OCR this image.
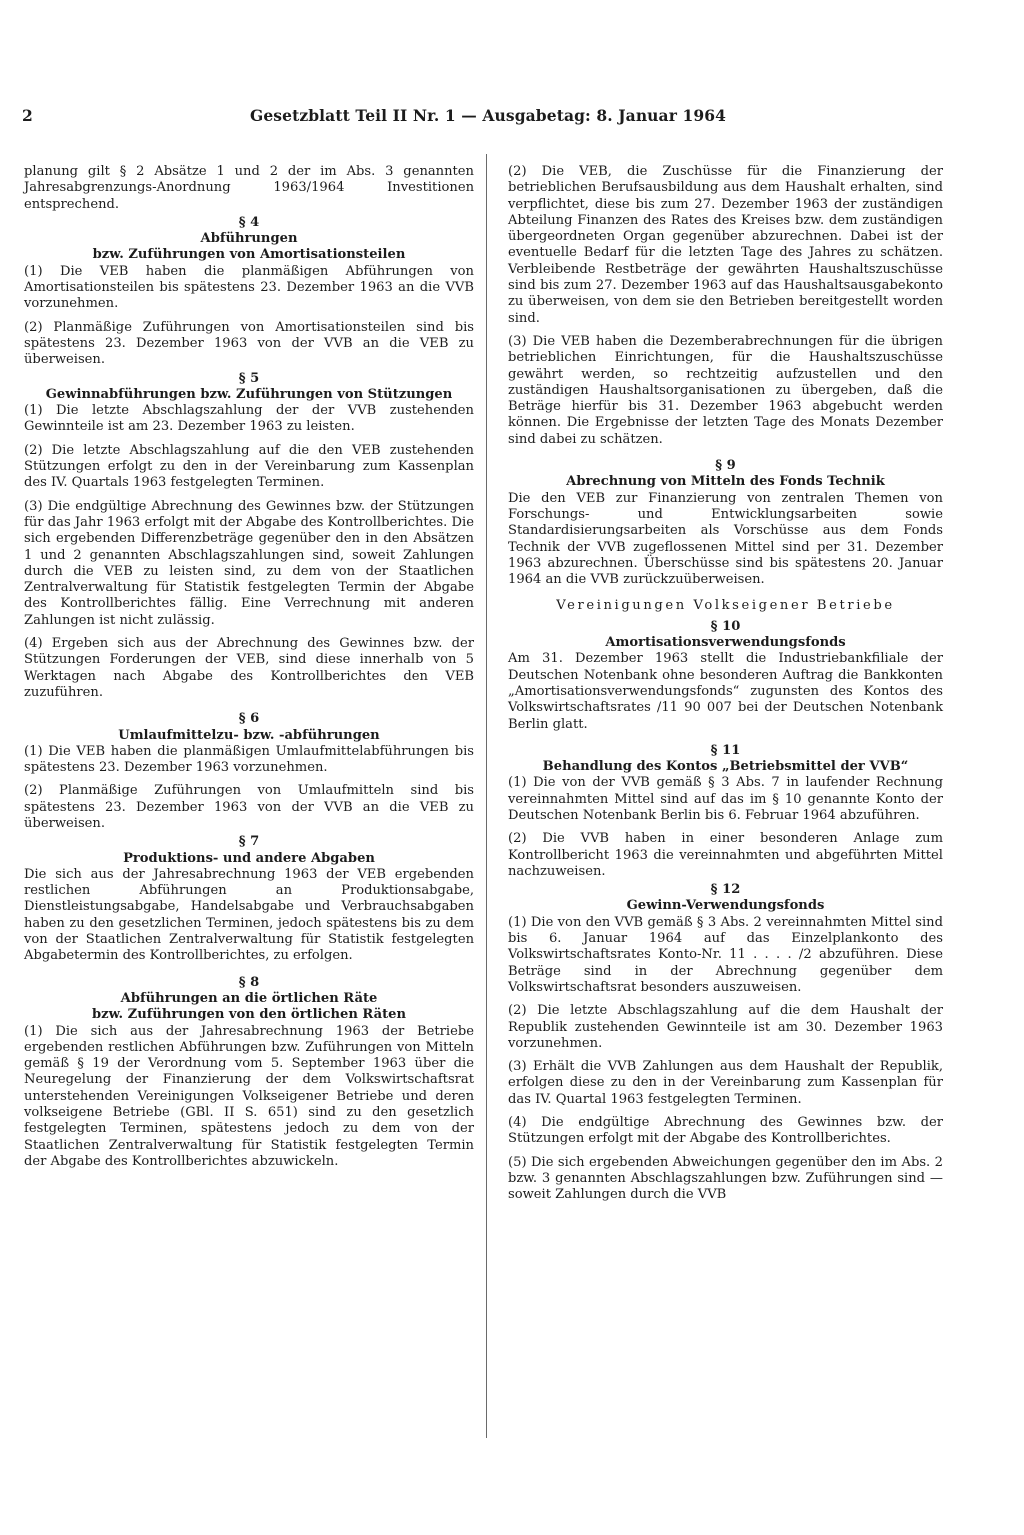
2	Gesetzblatt Teil II Nr. 1 — Ausgabetag: 8. Januar 1964

planung gilt § 2 Absätze 1 und 2 der im Abs. 3 genannten Jahresabgrenzungs-Anordnung 1963/1964 Investitionen entsprechend.

§ 4
Abführungen
bzw. Zuführungen von Amortisationsteilen

(1) Die VEB haben die planmäßigen Abführungen von Amortisationsteilen bis spätestens 23. Dezember 1963 an die VVB vorzunehmen.

(2) Planmäßige Zuführungen von Amortisationsteilen sind bis spätestens 23. Dezember 1963 von der VVB an die VEB zu überweisen.

§ 5
Gewinnabführungen bzw. Zuführungen von Stützungen

(1) Die letzte Abschlagszahlung der der VVB zustehenden Gewinnteile ist am 23. Dezember 1963 zu leisten.

(2) Die letzte Abschlagszahlung auf die den VEB zustehenden Stützungen erfolgt zu den in der Vereinbarung zum Kassenplan des IV. Quartals 1963 festgelegten Terminen.

(3) Die endgültige Abrechnung des Gewinnes bzw. der Stützungen für das Jahr 1963 erfolgt mit der Abgabe des Kontrollberichtes. Die sich ergebenden Differenzbeträge gegenüber den in den Absätzen 1 und 2 genannten Abschlagszahlungen sind, soweit Zahlungen durch die VEB zu leisten sind, zu dem von der Staatlichen Zentralverwaltung für Statistik festgelegten Termin der Abgabe des Kontrollberichtes fällig. Eine Verrechnung mit anderen Zahlungen ist nicht zulässig.

(4) Ergeben sich aus der Abrechnung des Gewinnes bzw. der Stützungen Forderungen der VEB, sind diese innerhalb von 5 Werktagen nach Abgabe des Kontrollberichtes den VEB zuzuführen.

§ 6
Umlaufmittelzu- bzw. -abführungen

(1) Die VEB haben die planmäßigen Umlaufmittelabführungen bis spätestens 23. Dezember 1963 vorzunehmen.

(2) Planmäßige Zuführungen von Umlaufmitteln sind bis spätestens 23. Dezember 1963 von der VVB an die VEB zu überweisen.

§ 7
Produktions- und andere Abgaben

Die sich aus der Jahresabrechnung 1963 der VEB ergebenden restlichen Abführungen an Produktionsabgabe, Dienstleistungsabgabe, Handelsabgabe und Verbrauchsabgaben haben zu den gesetzlichen Terminen, jedoch spätestens bis zu dem von der Staatlichen Zentralverwaltung für Statistik festgelegten Abgabetermin des Kontrollberichtes, zu erfolgen.

§ 8
Abführungen an die örtlichen Räte
bzw. Zuführungen von den örtlichen Räten

(1) Die sich aus der Jahresabrechnung 1963 der Betriebe ergebenden restlichen Abführungen bzw. Zuführungen von Mitteln gemäß § 19 der Verordnung vom 5. September 1963 über die Neuregelung der Finanzierung der dem Volkswirtschaftsrat unterstehenden Vereinigungen Volkseigener Betriebe und deren volkseigene Betriebe (GBl. II S. 651) sind zu den gesetzlich festgelegten Terminen, spätestens jedoch zu dem von der Staatlichen Zentralverwaltung für Statistik festgelegten Termin der Abgabe des Kontrollberichtes abzuwickeln.

(2) Die VEB, die Zuschüsse für die Finanzierung der betrieblichen Berufsausbildung aus dem Haushalt erhalten, sind verpflichtet, diese bis zum 27. Dezember 1963 der zuständigen Abteilung Finanzen des Rates des Kreises bzw. dem zuständigen übergeordneten Organ gegenüber abzurechnen. Dabei ist der eventuelle Bedarf für die letzten Tage des Jahres zu schätzen. Verbleibende Restbeträge der gewährten Haushaltszuschüsse sind bis zum 27. Dezember 1963 auf das Haushaltsausgabekonto zu überweisen, von dem sie den Betrieben bereitgestellt worden sind.

(3) Die VEB haben die Dezemberabrechnungen für die übrigen betrieblichen Einrichtungen, für die Haushaltszuschüsse gewährt werden, so rechtzeitig aufzustellen und den zuständigen Haushaltsorganisationen zu übergeben, daß die Beträge hierfür bis 31. Dezember 1963 abgebucht werden können. Die Ergebnisse der letzten Tage des Monats Dezember sind dabei zu schätzen.

§ 9
Abrechnung von Mitteln des Fonds Technik

Die den VEB zur Finanzierung von zentralen Themen von Forschungs- und Entwicklungsarbeiten sowie Standardisierungsarbeiten als Vorschüsse aus dem Fonds Technik der VVB zugeflossenen Mittel sind per 31. Dezember 1963 abzurechnen. Überschüsse sind bis spätestens 20. Januar 1964 an die VVB zurückzuüberweisen.

Vereinigungen Volkseigener Betriebe
§ 10
Amortisationsverwendungsfonds

Am 31. Dezember 1963 stellt die Industriebankfiliale der Deutschen Notenbank ohne besonderen Auftrag die Bankkonten „Amortisationsverwendungsfonds“ zugunsten des Kontos des Volkswirtschaftsrates /11 90 007 bei der Deutschen Notenbank Berlin glatt.

§ 11
Behandlung des Kontos „Betriebsmittel der VVB“

(1) Die von der VVB gemäß § 3 Abs. 7 in laufender Rechnung vereinnahmten Mittel sind auf das im § 10 genannte Konto der Deutschen Notenbank Berlin bis 6. Februar 1964 abzuführen.

(2) Die VVB haben in einer besonderen Anlage zum Kontrollbericht 1963 die vereinnahmten und abgeführten Mittel nachzuweisen.

§ 12
Gewinn-Verwendungsfonds

(1) Die von den VVB gemäß § 3 Abs. 2 vereinnahmten Mittel sind bis 6. Januar 1964 auf das Einzelplankonto des Volkswirtschaftsrates Konto-Nr. 11 . . . . /2 abzuführen. Diese Beträge sind in der Abrechnung gegenüber dem Volkswirtschaftsrat besonders auszuweisen.

(2) Die letzte Abschlagszahlung auf die dem Haushalt der Republik zustehenden Gewinnteile ist am 30. Dezember 1963 vorzunehmen.

(3) Erhält die VVB Zahlungen aus dem Haushalt der Republik, erfolgen diese zu den in der Vereinbarung zum Kassenplan für das IV. Quartal 1963 festgelegten Terminen.

(4) Die endgültige Abrechnung des Gewinnes bzw. der Stützungen erfolgt mit der Abgabe des Kontrollberichtes.

(5) Die sich ergebenden Abweichungen gegenüber den im Abs. 2 bzw. 3 genannten Abschlagszahlungen bzw. Zuführungen sind — soweit Zahlungen durch die VVB
